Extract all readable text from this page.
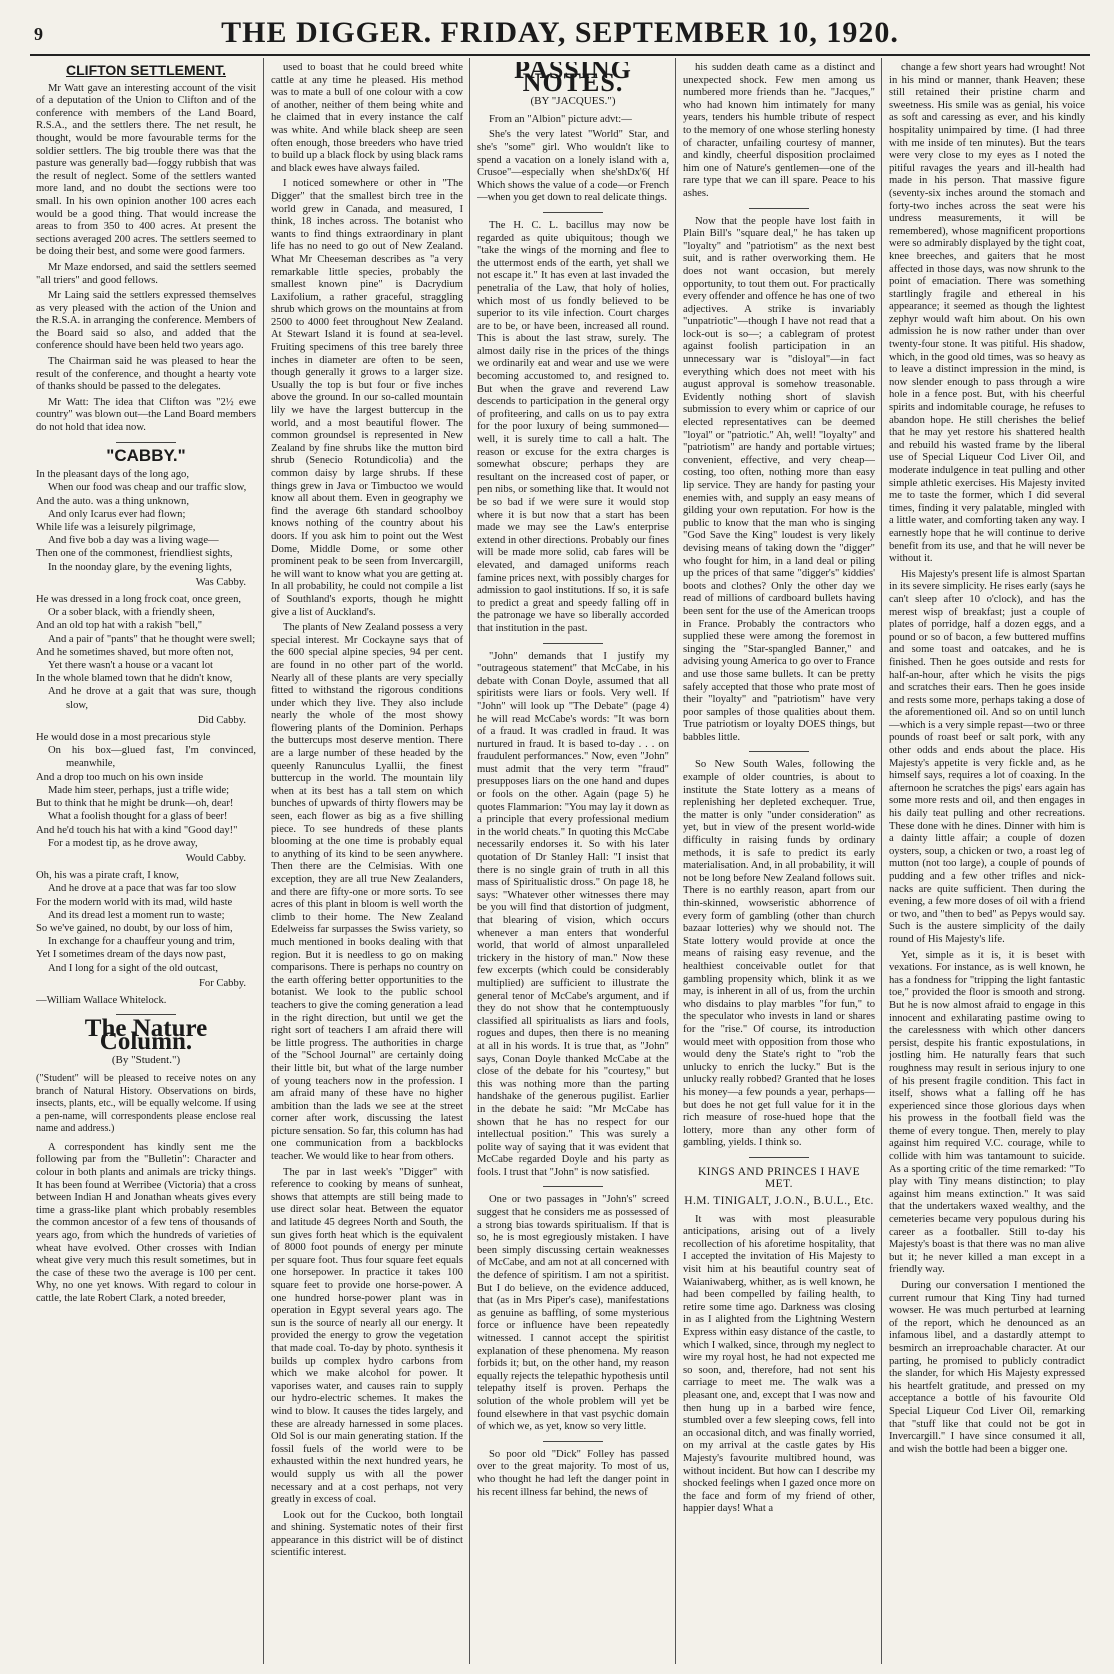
9	THE DIGGER. FRIDAY, SEPTEMBER 10, 1920.
CLIFTON SETTLEMENT.

Mr Watt gave an interesting account of the visit of a deputation of the Union to Clifton and of the conference with members of the Land Board, R.S.A., and the settlers there. The net result, he thought, would be more favourable terms for the soldier settlers. The big trouble there was that the pasture was generally bad—foggy rubbish that was the result of neglect. Some of the settlers wanted more land, and no doubt the sections were too small. In his own opinion another 100 acres each would be a good thing. That would increase the areas to from 350 to 400 acres. At present the sections averaged 200 acres. The settlers seemed to be doing their best, and some were good farmers.

Mr Maze endorsed, and said the settlers seemed "all triers" and good fellows.

Mr Laing said the settlers expressed themselves as very pleased with the action of the Union and the R.S.A. in arranging the conference. Members of the Board said so also, and added that the conference should have been held two years ago.

The Chairman said he was pleased to hear the result of the conference, and thought a hearty vote of thanks should be passed to the delegates.

Mr Watt: The idea that Clifton was "2½ ewe country" was blown out—the Land Board members do not hold that idea now.

"CABBY."

In the pleasant days of the long ago,

When our food was cheap and our traffic slow,

And the auto. was a thing unknown,

And only Icarus ever had flown;

While life was a leisurely pilgrimage,

And five bob a day was a living wage—

Then one of the commonest, friendliest sights,

In the noonday glare, by the evening lights,

Was Cabby.

He was dressed in a long frock coat, once green,

Or a sober black, with a friendly sheen,

And an old top hat with a rakish "bell,"

And a pair of "pants" that he thought were swell;

And he sometimes shaved, but more often not,

Yet there wasn't a house or a vacant lot

In the whole blamed town that he didn't know,

And he drove at a gait that was sure, though slow,

Did Cabby.

He would dose in a most precarious style

On his box—glued fast, I'm convinced, meanwhile,

And a drop too much on his own inside

Made him steer, perhaps, just a trifle wide;

But to think that he might be drunk—oh, dear!

What a foolish thought for a glass of beer!

And he'd touch his hat with a kind "Good day!"

For a modest tip, as he drove away,

Would Cabby.

Oh, his was a pirate craft, I know,

And he drove at a pace that was far too slow

For the modern world with its mad, wild haste

And its dread lest a moment run to waste;

So we've gained, no doubt, by our loss of him,

In exchange for a chauffeur young and trim,

Yet I sometimes dream of the days now past,

And I long for a sight of the old outcast,

For Cabby.

—William Wallace Whitelock.

The Nature Column.
(By "Student.")

("Student" will be pleased to receive notes on any branch of Natural History. Observations on birds, insects, plants, etc., will be equally welcome. If using a pen-name, will correspondents please enclose real name and address.)

A correspondent has kindly sent me the following par from the "Bulletin": Character and colour in both plants and animals are tricky things. It has been found at Werribee (Victoria) that a cross between Indian H and Jonathan wheats gives every time a grass-like plant which probably resembles the common ancestor of a few tens of thousands of years ago, from which the hundreds of varieties of wheat have evolved. Other crosses with Indian wheat give very much this result sometimes, but in the case of these two the average is 100 per cent. Why, no one yet knows. With regard to colour in cattle, the late Robert Clark, a noted breeder,

used to boast that he could breed white cattle at any time he pleased. His method was to mate a bull of one colour with a cow of another, neither of them being white and he claimed that in every instance the calf was white. And while black sheep are seen often enough, those breeders who have tried to build up a black flock by using black rams and black ewes have always failed.

I noticed somewhere or other in "The Digger" that the smallest birch tree in the world grew in Canada, and measured, I think, 18 inches across. The botanist who wants to find things extraordinary in plant life has no need to go out of New Zealand. What Mr Cheeseman describes as "a very remarkable little species, probably the smallest known pine" is Dacrydium Laxifolium, a rather graceful, straggling shrub which grows on the mountains at from 2500 to 4000 feet throughout New Zealand. At Stewart Island it is found at sea-level. Fruiting specimens of this tree barely three inches in diameter are often to be seen, though generally it grows to a larger size. Usually the top is but four or five inches above the ground. In our so-called mountain lily we have the largest buttercup in the world, and a most beautiful flower. The common groundsel is represented in New Zealand by fine shrubs like the mutton bird shrub (Senecio Rotundicolia) and the common daisy by large shrubs. If these things grew in Java or Timbuctoo we would know all about them. Even in geography we find the average 6th standard schoolboy knows nothing of the country about his doors. If you ask him to point out the West Dome, Middle Dome, or some other prominent peak to be seen from Invercargill, he will want to know what you are getting at. In all probability, he could not compile a list of Southland's exports, though he mightt give a list of Auckland's.

The plants of New Zealand possess a very special interest. Mr Cockayne says that of the 600 special alpine species, 94 per cent. are found in no other part of the world. Nearly all of these plants are very specially fitted to withstand the rigorous conditions under which they live. They also include nearly the whole of the most showy flowering plants of the Dominion. Perhaps the buttercups most deserve mention. There are a large number of these headed by the queenly Ranunculus Lyallii, the finest buttercup in the world. The mountain lily when at its best has a tall stem on which bunches of upwards of thirty flowers may be seen, each flower as big as a five shilling piece. To see hundreds of these plants blooming at the one time is probably equal to anything of its kind to be seen anywhere. Then there are the Celmisias. With one exception, they are all true New Zealanders, and there are fifty-one or more sorts. To see acres of this plant in bloom is well worth the climb to their home. The New Zealand Edelweiss far surpasses the Swiss variety, so much mentioned in books dealing with that region. But it is needless to go on making comparisons. There is perhaps no country on the earth offering better opportunities to the botanist. We look to the public school teachers to give the coming generation a lead in the right direction, but until we get the right sort of teachers I am afraid there will be little progress. The authorities in charge of the "School Journal" are certainly doing their little bit, but what of the large number of young teachers now in the profession. I am afraid many of these have no higher ambition than the lads we see at the street corner after work, discussing the latest picture sensation. So far, this column has had one communication from a backblocks teacher. We would like to hear from others.

The par in last week's "Digger" with reference to cooking by means of sunheat, shows that attempts are still being made to use direct solar heat. Between the equator and latitude 45 degrees North and South, the sun gives forth heat which is the equivalent of 8000 foot pounds of energy per minute per square foot. Thus four square feet equals one horsepower. In practice it takes 100 square feet to provide one horse-power. A one hundred horse-power plant was in operation in Egypt several years ago. The sun is the source of nearly all our energy. It provided the energy to grow the vegetation that made coal. To-day by photo. synthesis it builds up complex hydro carbons from which we make alcohol for power. It vaporises water, and causes rain to supply our hydro-electric schemes. It makes the wind to blow. It causes the tides largely, and these are already harnessed in some places. Old Sol is our main generating station. If the fossil fuels of the world were to be exhausted within the next hundred years, he would supply us with all the power necessary and at a cost perhaps, not very greatly in excess of coal.

Look out for the Cuckoo, both longtail and shining. Systematic notes of their first appearance in this district will be of distinct scientific interest.

PASSING NOTES.
(BY "JACQUES.")

From an "Albion" picture advt:—

She's the very latest "World" Star, and she's "some" girl. Who wouldn't like to spend a vacation on a lonely island with a, Crusoe"—especially when she'shDx'6( Hf Which shows the value of a code—or French—when you get down to real delicate things.

The H. C. L. bacillus may now be regarded as quite ubiquitous; though we "take the wings of the morning and flee to the uttermost ends of the earth, yet shall we not escape it." It has even at last invaded the penetralia of the Law, that holy of holies, which most of us fondly believed to be superior to its vile infection. Court charges are to be, or have been, increased all round. This is about the last straw, surely. The almost daily rise in the prices of the things we ordinarily eat and wear and use we were becoming accustomed to, and resigned to. But when the grave and reverend Law descends to participation in the general orgy of profiteering, and calls on us to pay extra for the poor luxury of being summoned—well, it is surely time to call a halt. The reason or excuse for the extra charges is somewhat obscure; perhaps they are resultant on the increased cost of paper, or pen nibs, or something like that. It would not be so bad if we were sure it would stop where it is but now that a start has been made we may see the Law's enterprise extend in other directions. Probably our fines will be made more solid, cab fares will be elevated, and damaged uniforms reach famine prices next, with possibly charges for admission to gaol institutions. If so, it is safe to predict a great and speedy falling off in the patronage we have so liberally accorded that institution in the past.

"John" demands that I justify my "outrageous statement" that McCabe, in his debate with Conan Doyle, assumed that all spiritists were liars or fools. Very well. If "John" will look up "The Debate" (page 4) he will read McCabe's words: "It was born of a fraud. It was cradled in fraud. It was nurtured in fraud. It is based to-day . . . on fraudulent performances." Now, even "John" must admit that the very term "fraud" presupposes liars on the one hand and dupes or fools on the other. Again (page 5) he quotes Flammarion: "You may lay it down as a principle that every professional medium in the world cheats." In quoting this McCabe necessarily endorses it. So with his later quotation of Dr Stanley Hall: "I insist that there is no single grain of truth in all this mass of Spiritualistic dross." On page 18, he says: "Whatever other witnesses there may be you will find that distortion of judgment, that blearing of vision, which occurs whenever a man enters that wonderful world, that world of almost unparalleled trickery in the history of man." Now these few excerpts (which could be considerably multiplied) are sufficient to illustrate the general tenor of McCabe's argument, and if they do not show that he contemptuously classified all spiritualists as liars and fools, rogues and dupes, then there is no meaning at all in his words. It is true that, as "John" says, Conan Doyle thanked McCabe at the close of the debate for his "courtesy," but this was nothing more than the parting handshake of the generous pugilist. Earlier in the debate he said: "Mr McCabe has shown that he has no respect for our intellectual position." This was surely a polite way of saying that it was evident that McCabe regarded Doyle and his party as fools. I trust that "John" is now satisfied.

One or two passages in "John's" screed suggest that he considers me as possessed of a strong bias towards spiritualism. If that is so, he is most egregiously mistaken. I have been simply discussing certain weaknesses of McCabe, and am not at all concerned with the defence of spiritism. I am not a spiritist. But I do believe, on the evidence adduced, that (as in Mrs Piper's case), manifestations as genuine as baffling, of some mysterious force or influence have been repeatedly witnessed. I cannot accept the spiritist explanation of these phenomena. My reason forbids it; but, on the other hand, my reason equally rejects the telepathic hypothesis until telepathy itself is proven. Perhaps the solution of the whole problem will yet be found elsewhere in that vast psychic domain of which we, as yet, know so very little.

So poor old "Dick" Folley has passed over to the great majority. To most of us, who thought he had left the danger point in his recent illness far behind, the news of

his sudden death came as a distinct and unexpected shock. Few men among us numbered more friends than he. "Jacques," who had known him intimately for many years, tenders his humble tribute of respect to the memory of one whose sterling honesty of character, unfailing courtesy of manner, and kindly, cheerful disposition proclaimed him one of Nature's gentlemen—one of the rare type that we can ill spare. Peace to his ashes.

Now that the people have lost faith in Plain Bill's "square deal," he has taken up "loyalty" and "patriotism" as the next best suit, and is rather overworking them. He does not want occasion, but merely opportunity, to tout them out. For practically every offender and offence he has one of two adjectives. A strike is invariably "unpatriotic"—though I have not read that a lock-out is so—; a cablegram of protest against foolish participation in an unnecessary war is "disloyal"—in fact everything which does not meet with his august approval is somehow treasonable. Evidently nothing short of slavish submission to every whim or caprice of our elected representatives can be deemed "loyal" or "patriotic." Ah, well! "loyalty" and "patriotism" are handy and portable virtues; convenient, effective, and very cheap—costing, too often, nothing more than easy lip service. They are handy for pasting your enemies with, and supply an easy means of gilding your own reputation. For how is the public to know that the man who is singing "God Save the King" loudest is very likely devising means of taking down the "digger" who fought for him, in a land deal or piling up the prices of that same "digger's" kiddies' boots and clothes? Only the other day we read of millions of cardboard bullets having been sent for the use of the American troops in France. Probably the contractors who supplied these were among the foremost in singing the "Star-spangled Banner," and advising young America to go over to France and use those same bullets. It can be pretty safely accepted that those who prate most of their "loyalty" and "patriotism" have very poor samples of those qualities about them. True patriotism or loyalty DOES things, but babbles little.

So New South Wales, following the example of older countries, is about to institute the State lottery as a means of replenishing her depleted exchequer. True, the matter is only "under consideration" as yet, but in view of the present world-wide difficulty in raising funds by ordinary methods, it is safe to predict its early materialisation. And, in all probability, it will not be long before New Zealand follows suit. There is no earthly reason, apart from our thin-skinned, wowseristic abhorrence of every form of gambling (other than church bazaar lotteries) why we should not. The State lottery would provide at once the means of raising easy revenue, and the healthiest conceivable outlet for that gambling propensity which, blink it as we may, is inherent in all of us, from the urchin who disdains to play marbles "for fun," to the speculator who invests in land or shares for the "rise." Of course, its introduction would meet with opposition from those who would deny the State's right to "rob the unlucky to enrich the lucky." But is the unlucky really robbed? Granted that he loses his money—a few pounds a year, perhaps—but does he not get full value for it in the rich measure of rose-hued hope that the lottery, more than any other form of gambling, yields. I think so.

KINGS AND PRINCES I HAVE MET.
H.M. TINIGALT, J.O.N., B.U.L., Etc.

It was with most pleasurable anticipations, arising out of a lively recollection of his aforetime hospitality, that I accepted the invitation of His Majesty to visit him at his beautiful country seat of Waianiwaberg, whither, as is well known, he had been compelled by failing health, to retire some time ago. Darkness was closing in as I alighted from the Lightning Western Express within easy distance of the castle, to which I walked, since, through my neglect to wire my royal host, he had not expected me so soon, and, therefore, had not sent his carriage to meet me. The walk was a pleasant one, and, except that I was now and then hung up in a barbed wire fence, stumbled over a few sleeping cows, fell into an occasional ditch, and was finally worried, on my arrival at the castle gates by His Majesty's favourite multibred hound, was without incident. But how can I describe my shocked feelings when I gazed once more on the face and form of my friend of other, happier days! What a

change a few short years had wrought! Not in his mind or manner, thank Heaven; these still retained their pristine charm and sweetness. His smile was as genial, his voice as soft and caressing as ever, and his kindly hospitality unimpaired by time. (I had three with me inside of ten minutes). But the tears were very close to my eyes as I noted the pitiful ravages the years and ill-health had made in his person. That massive figure (seventy-six inches around the stomach and forty-two inches across the seat were his undress measurements, it will be remembered), whose magnificent proportions were so admirably displayed by the tight coat, knee breeches, and gaiters that he most affected in those days, was now shrunk to the point of emaciation. There was something startlingly fragile and ethereal in his appearance; it seemed as though the lightest zephyr would waft him about. On his own admission he is now rather under than over twenty-four stone. It was pitiful. His shadow, which, in the good old times, was so heavy as to leave a distinct impression in the mind, is now slender enough to pass through a wire hole in a fence post. But, with his cheerful spirits and indomitable courage, he refuses to abandon hope. He still cherishes the belief that he may yet restore his shattered health and rebuild his wasted frame by the liberal use of Special Liqueur Cod Liver Oil, and moderate indulgence in teat pulling and other simple athletic exercises. His Majesty invited me to taste the former, which I did several times, finding it very palatable, mingled with a little water, and comforting taken any way. I earnestly hope that he will continue to derive benefit from its use, and that he will never be without it.

His Majesty's present life is almost Spartan in its severe simplicity. He rises early (says he can't sleep after 10 o'clock), and has the merest wisp of breakfast; just a couple of plates of porridge, half a dozen eggs, and a pound or so of bacon, a few buttered muffins and some toast and oatcakes, and he is finished. Then he goes outside and rests for half-an-hour, after which he visits the pigs and scratches their ears. Then he goes inside and rests some more, perhaps taking a dose of the aforementioned oil. And so on until lunch—which is a very simple repast—two or three pounds of roast beef or salt pork, with any other odds and ends about the place. His Majesty's appetite is very fickle and, as he himself says, requires a lot of coaxing. In the afternoon he scratches the pigs' ears again has some more rests and oil, and then engages in his daily teat pulling and other recreations. These done with he dines. Dinner with him is a dainty little affair; a couple of dozen oysters, soup, a chicken or two, a roast leg of mutton (not too large), a couple of pounds of pudding and a few other trifles and nick-nacks are quite sufficient. Then during the evening, a few more doses of oil with a friend or two, and "then to bed" as Pepys would say. Such is the austere simplicity of the daily round of His Majesty's life.

Yet, simple as it is, it is beset with vexations. For instance, as is well known, he has a fondness for "tripping the light fantastic toe," provided the floor is smooth and strong. But he is now almost afraid to engage in this innocent and exhilarating pastime owing to the carelessness with which other dancers persist, despite his frantic expostulations, in jostling him. He naturally fears that such roughness may result in serious injury to one of his present fragile condition. This fact in itself, shows what a falling off he has experienced since those glorious days when his prowess in the football field was the theme of every tongue. Then, merely to play against him required V.C. courage, while to collide with him was tantamount to suicide. As a sporting critic of the time remarked: "To play with Tiny means distinction; to play against him means extinction." It was said that the undertakers waxed wealthy, and the cemeteries became very populous during his career as a footballer. Still to-day his Majesty's boast is that there was no man alive but it; he never killed a man except in a friendly way.

During our conversation I mentioned the current rumour that King Tiny had turned wowser. He was much perturbed at learning of the report, which he denounced as an infamous libel, and a dastardly attempt to besmirch an irreproachable character. At our parting, he promised to publicly contradict the slander, for which His Majesty expressed his heartfelt gratitude, and pressed on my acceptance a bottle of his favourite Old Special Liqueur Cod Liver Oil, remarking that "stuff like that could not be got in Invercargill." I have since consumed it all, and wish the bottle had been a bigger one.
